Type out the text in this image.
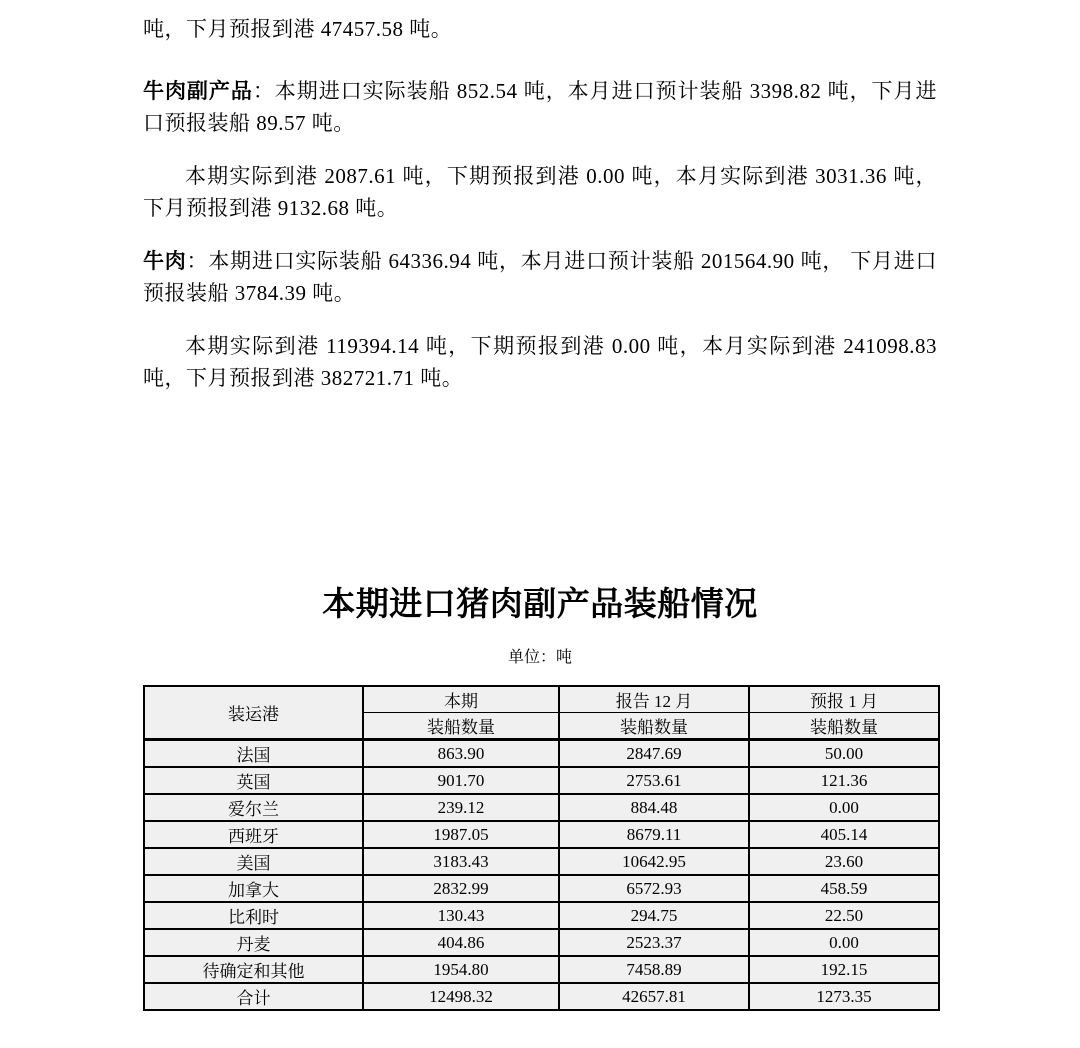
吨，下月预报到港 47457.58 吨。

牛肉副产品：本期进口实际装船 852.54 吨，本月进口预计装船 3398.82 吨，下月进口预报装船 89.57 吨。

本期实际到港 2087.61 吨，下期预报到港 0.00 吨，本月实际到港 3031.36 吨，下月预报到港 9132.68 吨。

牛肉：本期进口实际装船 64336.94 吨，本月进口预计装船 201564.90 吨， 下月进口预报装船 3784.39 吨。

本期实际到港 119394.14 吨，下期预报到港 0.00 吨，本月实际到港 241098.83 吨，下月预报到港 382721.71 吨。

本期进口猪肉副产品装船情况
单位：吨
装运港	本期	报告 12 月	预报 1 月
	装船数量	装船数量	装船数量
法国	863.90	2847.69	50.00
英国	901.70	2753.61	121.36
爱尔兰	239.12	884.48	0.00
西班牙	1987.05	8679.11	405.14
美国	3183.43	10642.95	23.60
加拿大	2832.99	6572.93	458.59
比利时	130.43	294.75	22.50
丹麦	404.86	2523.37	0.00
待确定和其他	1954.80	7458.89	192.15
合计	12498.32	42657.81	1273.35
